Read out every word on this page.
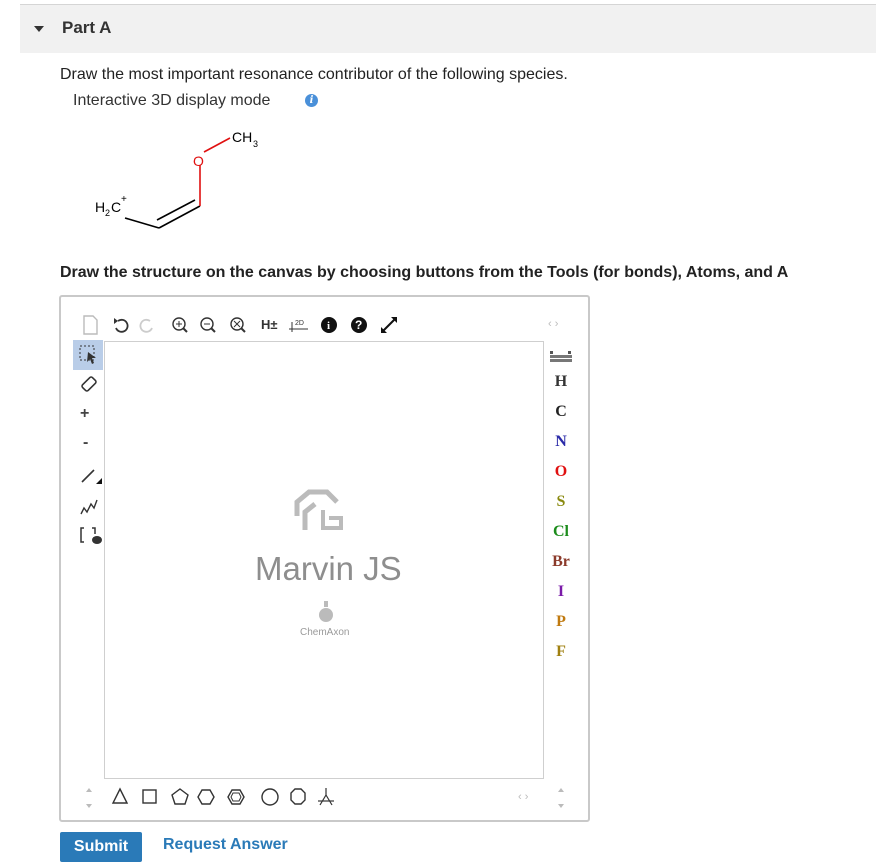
Part A
Draw the most important resonance contributor of the following species.
Interactive 3D display mode	i
O
CH 3
H 2 C +
Draw the structure on the canvas by choosing buttons from the Tools (for bonds), Atoms, and A
H± 2D i ?	‹ ›
+
-
Marvin JS
ChemAxon
H
C
N
O
S
Cl
Br
I
P
F
‹ ›
Submit	Request Answer
